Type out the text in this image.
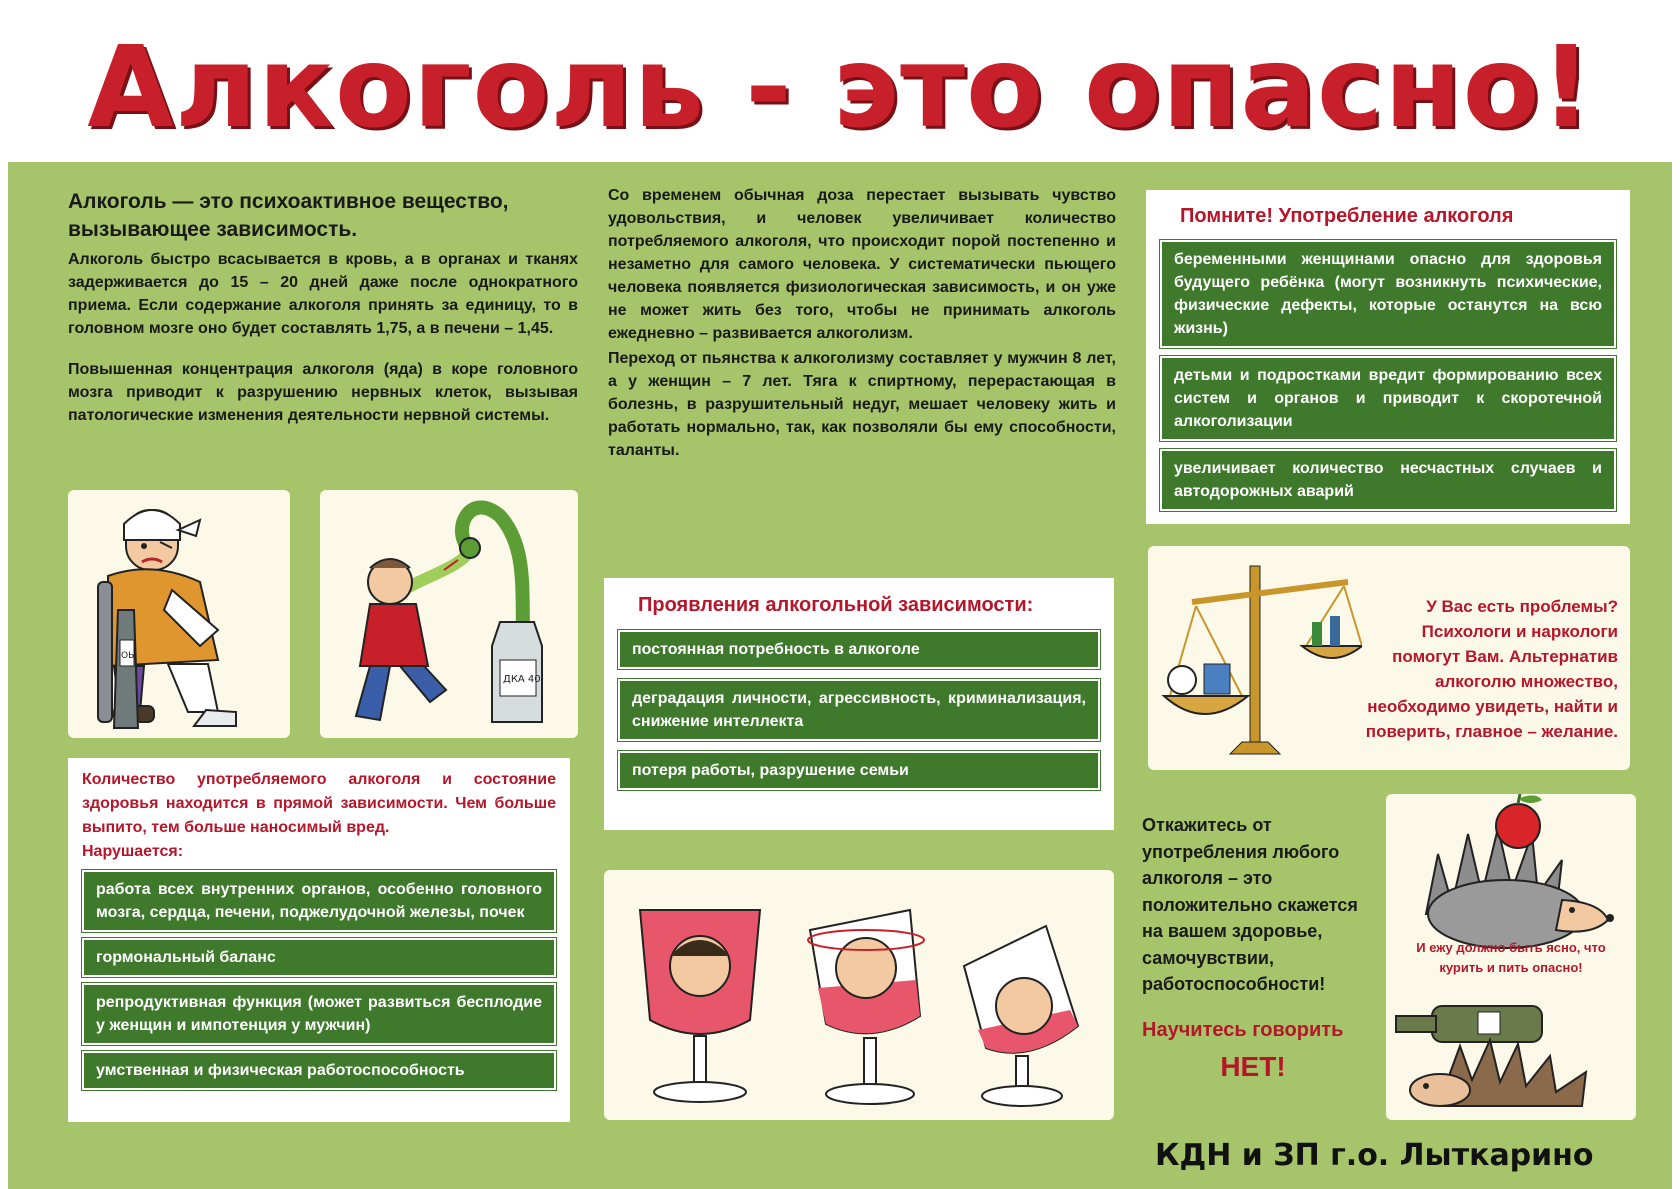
Алкоголь - это опасно!
Алкоголь — это психоактивное вещество, вызывающее зависимость.
Алкоголь быстро всасывается в кровь, а в органах и тканях задерживается до 15 – 20 дней даже после однократного приема. Если содержание алкоголя принять за единицу, то в головном мозге оно будет составлять 1,75, а в печени – 1,45.
Повышенная концентрация алкоголя (яда) в коре головного мозга приводит к разрушению нервных клеток, вызывая патологические изменения деятельности нервной системы.
Со временем обычная доза перестает вызывать чувство удовольствия, и человек увеличивает количество потребляемого алкоголя, что происходит порой постепенно и незаметно для самого человека. У систематически пьющего человека появляется физиологическая зависимость, и он уже не может жить без того, чтобы не принимать алкоголь ежедневно – развивается алкоголизм.
Переход от пьянства к алкоголизму составляет у мужчин 8 лет, а у женщин – 7 лет. Тяга к спиртному, перерастающая в болезнь, в разрушительный недуг, мешает человеку жить и работать нормально, так, как позволяли бы ему способности, таланты.
ОЬ
ДКА 40
Помните! Употребление алкоголя
беременными женщинами опасно для здоровья будущего ребёнка (могут возникнуть психические, физические дефекты, которые останутся на всю жизнь)
детьми и подростками вредит формированию всех систем и органов и приводит к скоротечной алкоголизации
увеличивает количество несчастных случаев и автодорожных аварий
Проявления алкогольной зависимости:
постоянная потребность в алкоголе
деградация личности, агрессивность, криминализация, снижение интеллекта
потеря работы, разрушение семьи
Количество употребляемого алкоголя и состояние здоровья находится в прямой зависимости. Чем больше выпито, тем больше наносимый вред.
Нарушается:
работа всех внутренних органов, особенно головного мозга, сердца, печени, поджелудочной железы, почек
гормональный баланс
репродуктивная функция (может развиться бесплодие у женщин и импотенция у мужчин)
умственная и физическая работоспособность
У Вас есть проблемы? Психологи и наркологи помогут Вам. Альтернатив алкоголю множество, необходимо увидеть, найти и поверить, главное – желание.
Откажитесь от употребления любого алкоголя – это положительно скажется на вашем здоровье, самочувствии, работоспособности!
Научитесь говорить
НЕТ!
И ежу должно быть ясно, что курить и пить опасно!
КДН и ЗП г.о. Лыткарино
